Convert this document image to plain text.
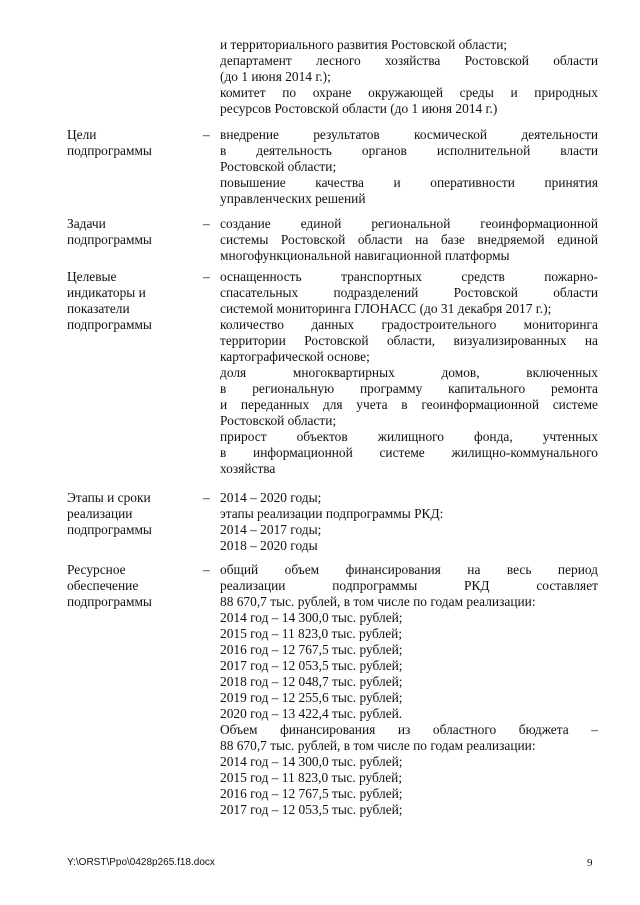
и территориального развития Ростовской области;
департамент лесного хозяйства Ростовской области
(до 1 июня 2014 г.);
комитет по охране окружающей среды и природных
ресурсов Ростовской области (до 1 июня 2014 г.)
Цели
подпрограммы
– внедрение результатов космической деятельности
в деятельность органов исполнительной власти
Ростовской области;
повышение качества и оперативности принятия
управленческих решений
Задачи
подпрограммы
– создание единой региональной геоинформационной
системы Ростовской области на базе внедряемой единой
многофункциональной навигационной платформы
Целевые
индикаторы и
показатели
подпрограммы
– оснащенность транспортных средств пожарно-
спасательных подразделений Ростовской области
системой мониторинга ГЛОНАСС (до 31 декабря 2017 г.);
количество данных градостроительного мониторинга
территории Ростовской области, визуализированных на
картографической основе;
доля многоквартирных домов, включенных
в региональную программу капитального ремонта
и переданных для учета в геоинформационной системе
Ростовской области;
прирост объектов жилищного фонда, учтенных
в информационной системе жилищно-коммунального
хозяйства
Этапы и сроки
реализации
подпрограммы
– 2014 – 2020 годы;
этапы реализации подпрограммы РКД:
2014 – 2017 годы;
2018 – 2020 годы
Ресурсное
обеспечение
подпрограммы
– общий объем финансирования на весь период
реализации подпрограммы РКД составляет
88 670,7 тыс. рублей, в том числе по годам реализации:
2014 год – 14 300,0 тыс. рублей;
2015 год – 11 823,0 тыс. рублей;
2016 год – 12 767,5 тыс. рублей;
2017 год – 12 053,5 тыс. рублей;
2018 год – 12 048,7 тыс. рублей;
2019 год – 12 255,6 тыс. рублей;
2020 год – 13 422,4 тыс. рублей.
Объем финансирования из областного бюджета –
88 670,7 тыс. рублей, в том числе по годам реализации:
2014 год – 14 300,0 тыс. рублей;
2015 год – 11 823,0 тыс. рублей;
2016 год – 12 767,5 тыс. рублей;
2017 год – 12 053,5 тыс. рублей;
Y:\ORST\Ppo\0428p265.f18.docx	9
